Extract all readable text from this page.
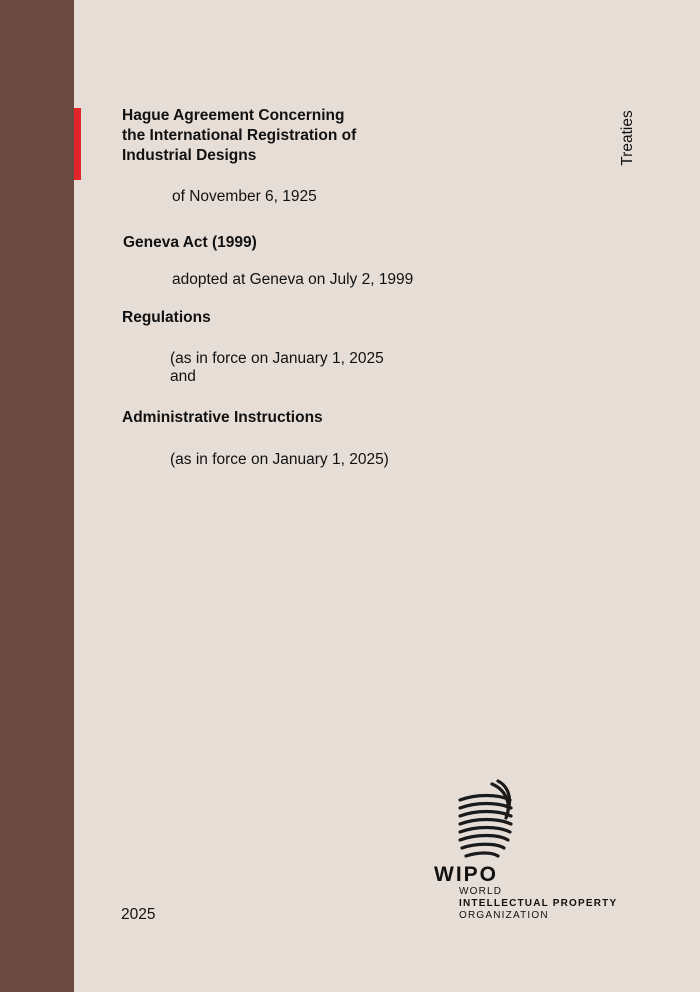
Treaties
Hague Agreement Concerning
the International Registration of
Industrial Designs

of November 6, 1925

Geneva Act (1999)

adopted at Geneva on July 2, 1999

Regulations

(as in force on January 1, 2025

and

Administrative Instructions

(as in force on January 1, 2025)

2025

WIPO
WORLD
INTELLECTUAL PROPERTY
ORGANIZATION
